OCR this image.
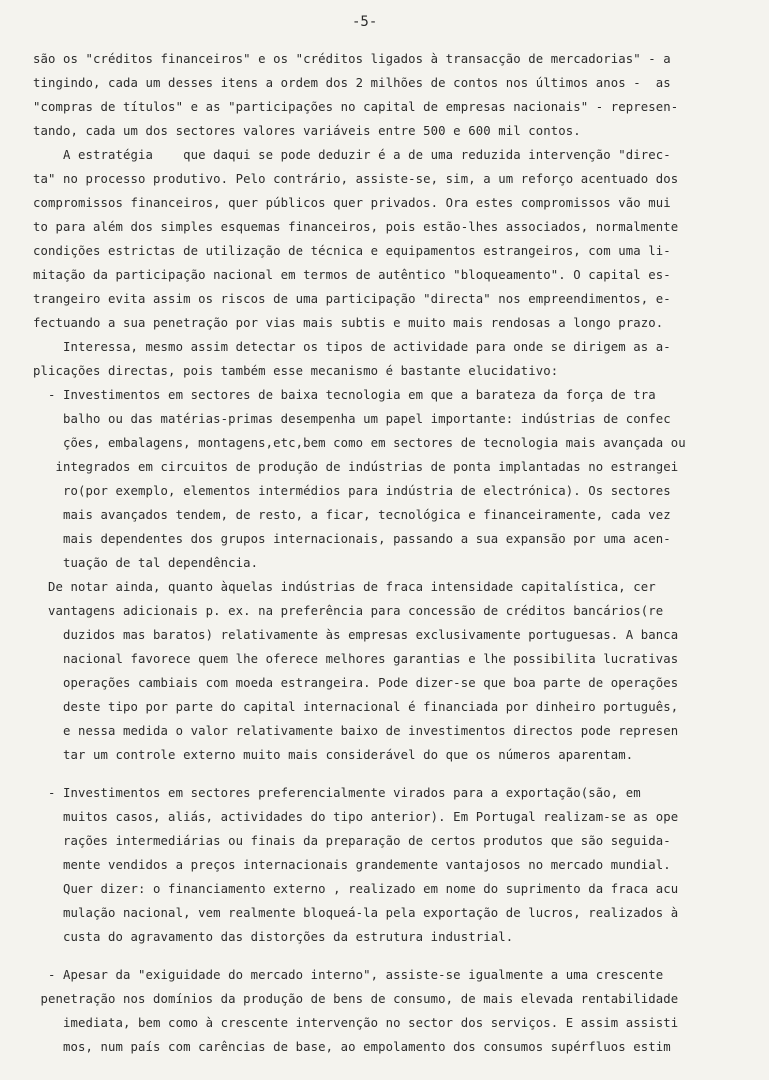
-5-
são os "créditos financeiros" e os "créditos ligados à transacção de mercadorias" - a
tingindo, cada um desses itens a ordem dos 2 milhões de contos nos últimos anos -  as
"compras de títulos" e as "participações no capital de empresas nacionais" - represen-
tando, cada um dos sectores valores variáveis entre 500 e 600 mil contos.
A estratégia    que daqui se pode deduzir é a de uma reduzida intervenção "direc-
ta" no processo produtivo. Pelo contrário, assiste-se, sim, a um reforço acentuado dos
compromissos financeiros, quer públicos quer privados. Ora estes compromissos vão mui
to para além dos simples esquemas financeiros, pois estão-lhes associados, normalmente
condições estrictas de utilização de técnica e equipamentos estrangeiros, com uma li-
mitação da participação nacional em termos de autêntico "bloqueamento". O capital es-
trangeiro evita assim os riscos de uma participação "directa" nos empreendimentos, e-
fectuando a sua penetração por vias mais subtis e muito mais rendosas a longo prazo.
Interessa, mesmo assim detectar os tipos de actividade para onde se dirigem as a-
plicações directas, pois também esse mecanismo é bastante elucidativo:
- Investimentos em sectores de baixa tecnologia em que a barateza da força de tra
balho ou das matérias-primas desempenha um papel importante: indústrias de confec
ções, embalagens, montagens,etc,bem como em sectores de tecnologia mais avançada ou
integrados em circuitos de produção de indústrias de ponta implantadas no estrangei
ro(por exemplo, elementos intermédios para indústria de electrónica). Os sectores
mais avançados tendem, de resto, a ficar, tecnológica e financeiramente, cada vez
mais dependentes dos grupos internacionais, passando a sua expansão por uma acen-
tuação de tal dependência.
De notar ainda, quanto àquelas indústrias de fraca intensidade capitalística, cer
vantagens adicionais p. ex. na preferência para concessão de créditos bancários(re
duzidos mas baratos) relativamente às empresas exclusivamente portuguesas. A banca
nacional favorece quem lhe oferece melhores garantias e lhe possibilita lucrativas
operações cambiais com moeda estrangeira. Pode dizer-se que boa parte de operações
deste tipo por parte do capital internacional é financiada por dinheiro português,
e nessa medida o valor relativamente baixo de investimentos directos pode represen
tar um controle externo muito mais considerável do que os números aparentam.
- Investimentos em sectores preferencialmente virados para a exportação(são, em
muitos casos, aliás, actividades do tipo anterior). Em Portugal realizam-se as ope
rações intermediárias ou finais da preparação de certos produtos que são seguida-
mente vendidos a preços internacionais grandemente vantajosos no mercado mundial.
Quer dizer: o financiamento externo , realizado em nome do suprimento da fraca acu
mulação nacional, vem realmente bloqueá-la pela exportação de lucros, realizados à
custa do agravamento das distorções da estrutura industrial.
- Apesar da "exiguidade do mercado interno", assiste-se igualmente a uma crescente
penetração nos domínios da produção de bens de consumo, de mais elevada rentabilidade
imediata, bem como à crescente intervenção no sector dos serviços. E assim assisti
mos, num país com carências de base, ao empolamento dos consumos supérfluos estim
